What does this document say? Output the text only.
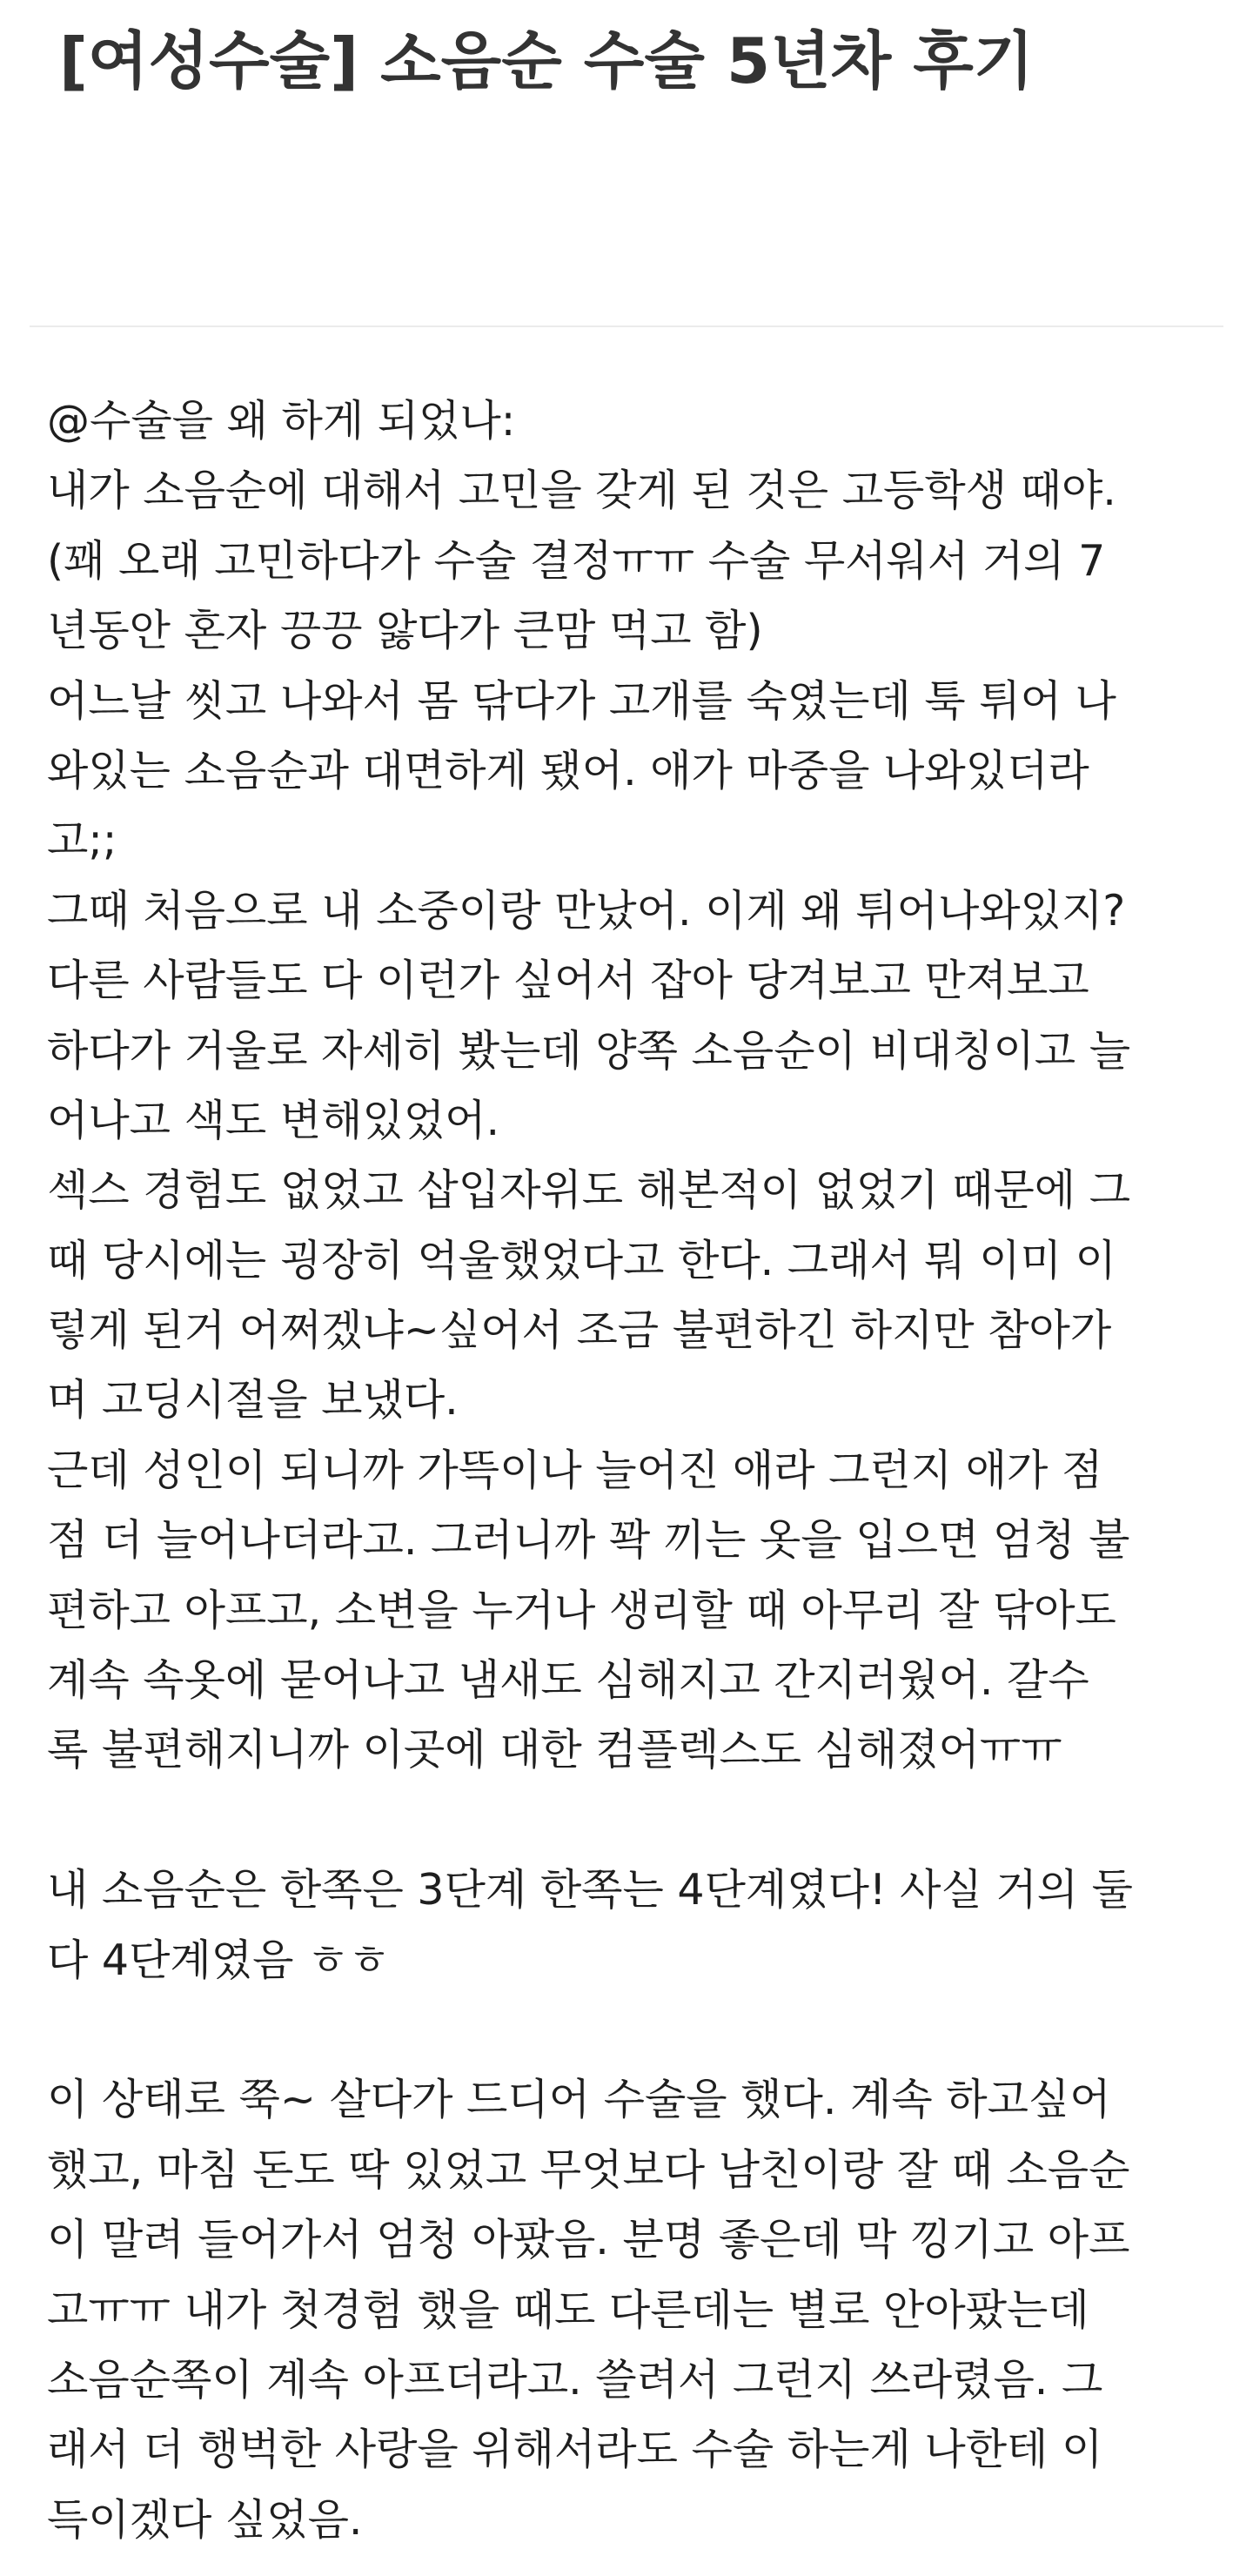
[여성수술] 소음순 수술 5년차 후기
@수술을 왜 하게 되었나:
내가 소음순에 대해서 고민을 갖게 된 것은 고등학생 때야.
(꽤 오래 고민하다가 수술 결정ㅠㅠ 수술 무서워서 거의 7
년동안 혼자 끙끙 앓다가 큰맘 먹고 함)
어느날 씻고 나와서 몸 닦다가 고개를 숙였는데 툭 튀어 나
와있는 소음순과 대면하게 됐어. 애가 마중을 나와있더라
고;;
그때 처음으로 내 소중이랑 만났어. 이게 왜 튀어나와있지?
다른 사람들도 다 이런가 싶어서 잡아 당겨보고 만져보고
하다가 거울로 자세히 봤는데 양쪽 소음순이 비대칭이고 늘
어나고 색도 변해있었어.
섹스 경험도 없었고 삽입자위도 해본적이 없었기 때문에 그
때 당시에는 굉장히 억울했었다고 한다. 그래서 뭐 이미 이
렇게 된거 어쩌겠냐~싶어서 조금 불편하긴 하지만 참아가
며 고딩시절을 보냈다.
근데 성인이 되니까 가뜩이나 늘어진 애라 그런지 애가 점
점 더 늘어나더라고. 그러니까 꽉 끼는 옷을 입으면 엄청 불
편하고 아프고, 소변을 누거나 생리할 때 아무리 잘 닦아도
계속 속옷에 묻어나고 냄새도 심해지고 간지러웠어. 갈수
록 불편해지니까 이곳에 대한 컴플렉스도 심해졌어ㅠㅠ
내 소음순은 한쪽은 3단계 한쪽는 4단계였다! 사실 거의 둘
다 4단계였음 ㅎㅎ
이 상태로 쭉~ 살다가 드디어 수술을 했다. 계속 하고싶어
했고, 마침 돈도 딱 있었고 무엇보다 남친이랑 잘 때 소음순
이 말려 들어가서 엄청 아팠음. 분명 좋은데 막 낑기고 아프
고ㅠㅠ 내가 첫경험 했을 때도 다른데는 별로 안아팠는데
소음순쪽이 계속 아프더라고. 쓸려서 그런지 쓰라렸음. 그
래서 더 행벅한 사랑을 위해서라도 수술 하는게 나한테 이
득이겠다 싶었음.
